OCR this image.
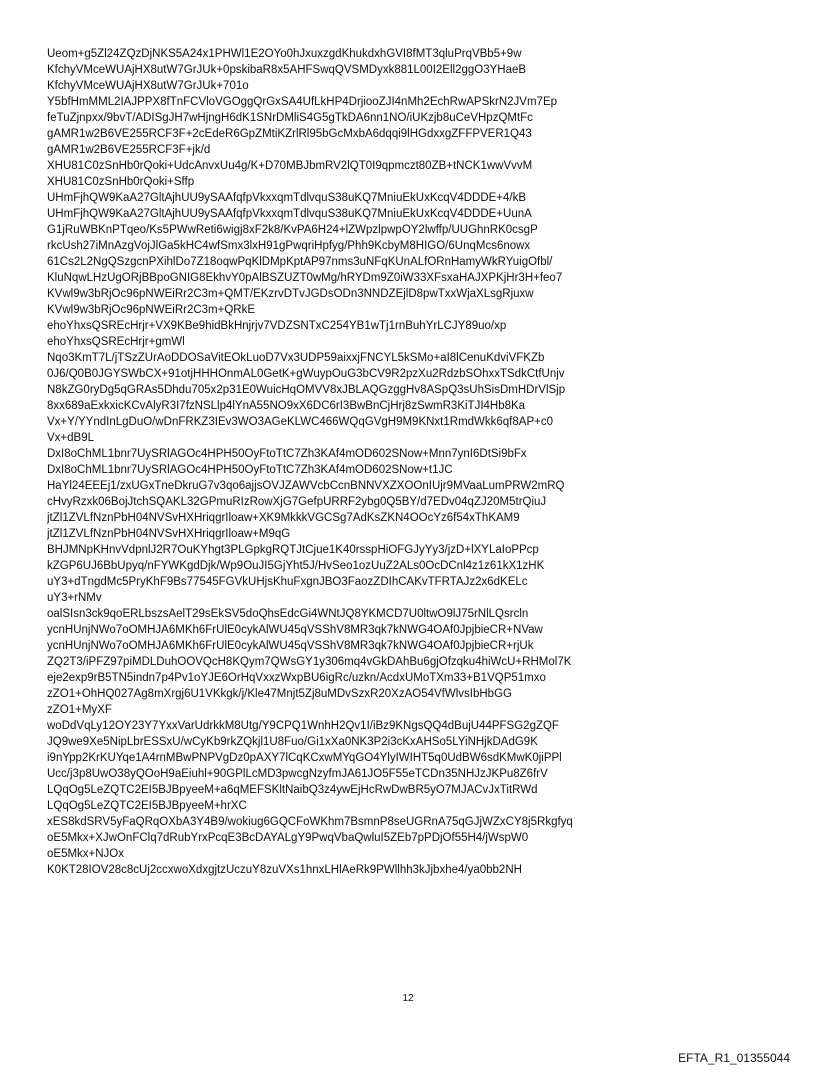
Ueom+g5Zl24ZQzDjNKS5A24x1PHWl1E2OYo0hJxuxzgdKhukdxhGVI8fMT3qluPrqVBb5+9w
KfchyVMceWUAjHX8utW7GrJUk+0pskibaR8x5AHFSwqQVSMDyxk881L00I2Ell2ggO3YHaeB
KfchyVMceWUAjHX8utW7GrJUk+701o
Y5bfHmMML2IAJPPX8fTnFCVloVGOggQrGxSA4UfLkHP4DrjiooZJI4nMh2EchRwAPSkrN2JVm7Ep
feTuZjnpxx/9bvT/ADISgJH7wHjngH6dK1SNrDMliS4G5gTkDA6nn1NO/iUKzjb8uCeVHpzQMtFc
gAMR1w2B6VE255RCF3F+2cEdeR6GpZMtiKZrlRl95bGcMxbA6dqqi9lHGdxxgZFFPVER1Q43
gAMR1w2B6VE255RCF3F+jk/d
XHU81C0zSnHb0rQoki+UdcAnvxUu4g/K+D70MBJbmRV2lQT0I9qpmczt80ZB+tNCK1wwVvvM
XHU81C0zSnHb0rQoki+Sffp
UHmFjhQW9KaA27GltAjhUU9ySAAfqfpVkxxqmTdlvquS38uKQ7MniuEkUxKcqV4DDDE+4/kB
UHmFjhQW9KaA27GltAjhUU9ySAAfqfpVkxxqmTdlvquS38uKQ7MniuEkUxKcqV4DDDE+UunA
G1jRuWBKnPTqeo/Ks5PWwReti6wigj8xF2k8/KvPA6H24+lZWpzlpwpOY2lwffp/UUGhnRK0csgP
rkcUsh27iMnAzgVojJlGa5kHC4wfSmx3lxH91gPwqriHpfyg/Phh9KcbyM8HIGO/6UnqMcs6nowx
61Cs2L2NgQSzgcnPXihlDo7Z18oqwPqKlDMpKptAP97nms3uNFqKUnALfORnHamyWkRYuigOfbl/
KluNqwLHzUgORjBBpoGNIG8EkhvY0pAlBSZUZT0wMg/hRYDm9Z0iW33XFsxaHAJXPKjHr3H+feo7
KVwl9w3bRjOc96pNWEiRr2C3m+QMT/EKzrvDTvJGDsODn3NNDZEjlD8pwTxxWjaXLsgRjuxw
KVwl9w3bRjOc96pNWEiRr2C3m+QRkE
ehoYhxsQSREcHrjr+VX9KBe9hidBkHnjrjv7VDZSNTxC254YB1wTj1rnBuhYrLCJY89uo/xp
ehoYhxsQSREcHrjr+gmWl
Nqo3KmT7L/jTSzZUrAoDDOSaVitEOkLuoD7Vx3UDP59aixxjFNCYL5kSMo+aI8lCenuKdviVFKZb
0J6/Q0B0JGYSWbCX+91otjHHHOnmAL0GetK+gWuypOuG3bCV9R2pzXu2RdzbSOhxxTSdkCtfUnjv
N8kZG0ryDg5qGRAs5Dhdu705x2p31E0WuicHqOMVV8xJBLAQGzggHv8ASpQ3sUhSisDmHDrVlSjp
8xx689aExkxicKCvAlyR3I7fzNSLlp4lYnA55NO9xX6DC6rI3BwBnCjHrj8zSwmR3KiTJI4Hb8Ka
Vx+Y/YYndInLgDuO/wDnFRKZ3IEv3WO3AGeKLWC466WQqGVgH9M9KNxt1RmdWkk6qf8AP+c0
Vx+dB9L
DxI8oChML1bnr7UySRlAGOc4HPH50OyFtoTtC7Zh3KAf4mOD602SNow+Mnn7ynI6DtSi9bFx
DxI8oChML1bnr7UySRlAGOc4HPH50OyFtoTtC7Zh3KAf4mOD602SNow+t1JC
HaYl24EEEj1/zxUGxTneDkruG7v3qo6ajjsOVJZAWVcbCcnBNNVXZXOOnIUjr9MVaaLumPRW2mRQ
cHvyRzxk06BojJtchSQAKL32GPmuRIzRowXjG7GefpURRF2ybg0Q5BY/d7EDv04qZJ20M5trQiuJ
jtZl1ZVLfNznPbH04NVSvHXHriqgrIloaw+XK9MkkkVGCSg7AdKsZKN4OOcYz6f54xThKAM9
jtZl1ZVLfNznPbH04NVSvHXHriqgrIloaw+M9qG
BHJMNpKHnvVdpnlJ2R7OuKYhgt3PLGpkgRQTJtCjue1K40rsspHiOFGJyYy3/jzD+lXYLaIoPPcp
kZGP6UJ6BbUpyq/nFYWKgdDjk/Wp9OuJI5GjYht5J/HvSeo1ozUuZ2ALs0OcDCnl4z1z61kX1zHK
uY3+dTngdMc5PryKhF9Bs77545FGVkUHjsKhuFxgnJBO3FaozZDIhCAKvTFRTAJz2x6dKELc
uY3+rNMv
oalSIsn3ck9qoERLbszsAelT29sEkSV5doQhsEdcGi4WNtJQ8YKMCD7U0ltwO9lJ75rNlLQsrcln
ycnHUnjNWo7oOMHJA6MKh6FrUlE0cykAlWU45qVSShV8MR3qk7kNWG4OAf0JpjbieCR+NVaw
ycnHUnjNWo7oOMHJA6MKh6FrUlE0cykAlWU45qVSShV8MR3qk7kNWG4OAf0JpjbieCR+rjUk
ZQ2T3/iPFZ97piMDLDuhOOVQcH8KQym7QWsGY1y306mq4vGkDAhBu6gjOfzqku4hiWcU+RHMol7K
eje2exp9rB5TN5indn7p4Pv1oYJE6OrHqVxxzWxpBU6igRc/uzkn/AcdxUMoTXm33+B1VQP51mxo
zZO1+OhHQ027Ag8mXrgj6U1VKkgk/j/Kle47Mnjt5Zj8uMDvSzxR20XzAO54VfWlvsIbHbGG
zZO1+MyXF
woDdVqLy12OY23Y7YxxVarUdrkkM8Utg/Y9CPQ1WnhH2Qv1I/iBz9KNgsQQ4dBujU44PFSG2gZQF
JQ9we9Xe5NipLbrESSxU/wCyKb9rkZQkjl1U8Fuo/Gi1xXa0NK3P2i3cKxAHSo5LYiNHjkDAdG9K
i9nYpp2KrKUYqe1A4rnMBwPNPVgDz0pAXY7lCqKCxwMYqGO4YlyIWIHT5q0UdBW6sdKMwK0jiPPl
Ucc/j3p8UwO38yQOoH9aEiuhl+90GPlLcMD3pwcgNzyfmJA61JO5F55eTCDn35NHJzJKPu8Z6frV
LQqOg5LeZQTC2EI5BJBpyeeM+a6qMEFSKltNaibQ3z4ywEjHcRwDwBR5yO7MJACvJxTitRWd
LQqOg5LeZQTC2EI5BJBpyeeM+hrXC
xES8kdSRV5yFaQRqOXbA3Y4B9/wokiug6GQCFoWKhm7BsmnP8seUGRnA75qGJjWZxCY8j5Rkgfyq
oE5Mkx+XJwOnFClq7dRubYrxPcqE3BcDAYALgY9PwqVbaQwluI5ZEb7pPDjOf55H4/jWspW0
oE5Mkx+NJOx
K0KT28IOV28c8cUj2ccxwoXdxgjtzUczuY8zuVXs1hnxLHlAeRk9PWllhh3kJjbxhe4/ya0bb2NH
12
EFTA_R1_01355044
